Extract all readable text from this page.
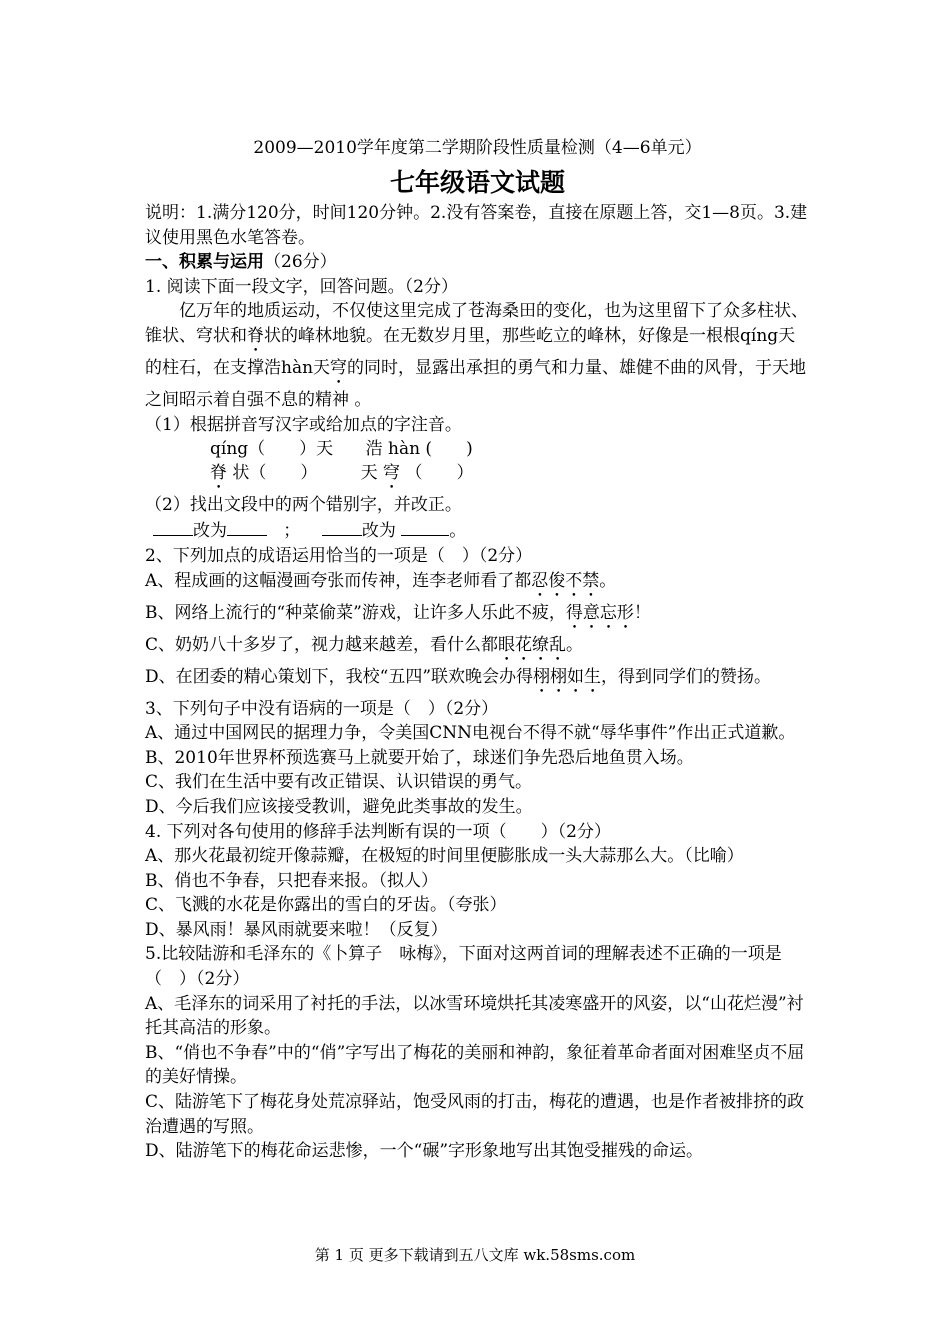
2009—2010学年度第二学期阶段性质量检测（4—6单元）
七年级语文试题

说明：1.满分120分，时间120分钟。2.没有答案卷，直接在原题上答，交1—8页。3.建议使用黑色水笔答卷。

一、积累与运用（26分）

1. 阅读下面一段文字，回答问题。（2分）

亿万年的地质运动，不仅使这里完成了苍海桑田的变化，也为这里留下了众多柱状、锥状、穹状和脊状的峰林地貌。在无数岁月里，那些屹立的峰林，好像是一根根qíng天的柱石，在支撑浩hàn天穹的同时，显露出承担的勇气和力量、雄健不曲的风骨，于天地之间昭示着自强不息的精神 。

（1）根据拼音写汉字或给加点的字注音。

qíng（　　）天 浩 hàn (　　)

脊 状（　　）	天 穹 （　　）

（2）找出文段中的两个错别字，并改正。

改为	；	改为	。

2、下列加点的成语运用恰当的一项是（　）（2分）

A、程成画的这幅漫画夸张而传神，连李老师看了都忍俊不禁。

B、网络上流行的“种菜偷菜”游戏，让许多人乐此不疲，得意忘形！

C、奶奶八十多岁了，视力越来越差，看什么都眼花缭乱。

D、在团委的精心策划下，我校“五四”联欢晚会办得栩栩如生，得到同学们的赞扬。

3、下列句子中没有语病的一项是（　）（2分）

A、通过中国网民的据理力争，令美国CNN电视台不得不就“辱华事件”作出正式道歉。

B、2010年世界杯预选赛马上就要开始了，球迷们争先恐后地鱼贯入场。

C、我们在生活中要有改正错误、认识错误的勇气。

D、今后我们应该接受教训，避免此类事故的发生。

4. 下列对各句使用的修辞手法判断有误的一项（　　）（2分）

A、那火花最初绽开像蒜瓣，在极短的时间里便膨胀成一头大蒜那么大。（比喻）

B、俏也不争春，只把春来报。（拟人）

C、飞溅的水花是你露出的雪白的牙齿。（夸张）

D、暴风雨！暴风雨就要来啦！（反复）

5.比较陆游和毛泽东的《卜算子　咏梅》，下面对这两首词的理解表述不正确的一项是（　）（2分）

A、毛泽东的词采用了衬托的手法，以冰雪环境烘托其凌寒盛开的风姿，以“山花烂漫”衬托其高洁的形象。

B、“俏也不争春”中的“俏”字写出了梅花的美丽和神韵，象征着革命者面对困难坚贞不屈的美好情操。

C、陆游笔下了梅花身处荒凉驿站，饱受风雨的打击，梅花的遭遇，也是作者被排挤的政治遭遇的写照。

D、陆游笔下的梅花命运悲惨，一个“碾”字形象地写出其饱受摧残的命运。

第 1 页 更多下载请到五八文库 wk.58sms.com
